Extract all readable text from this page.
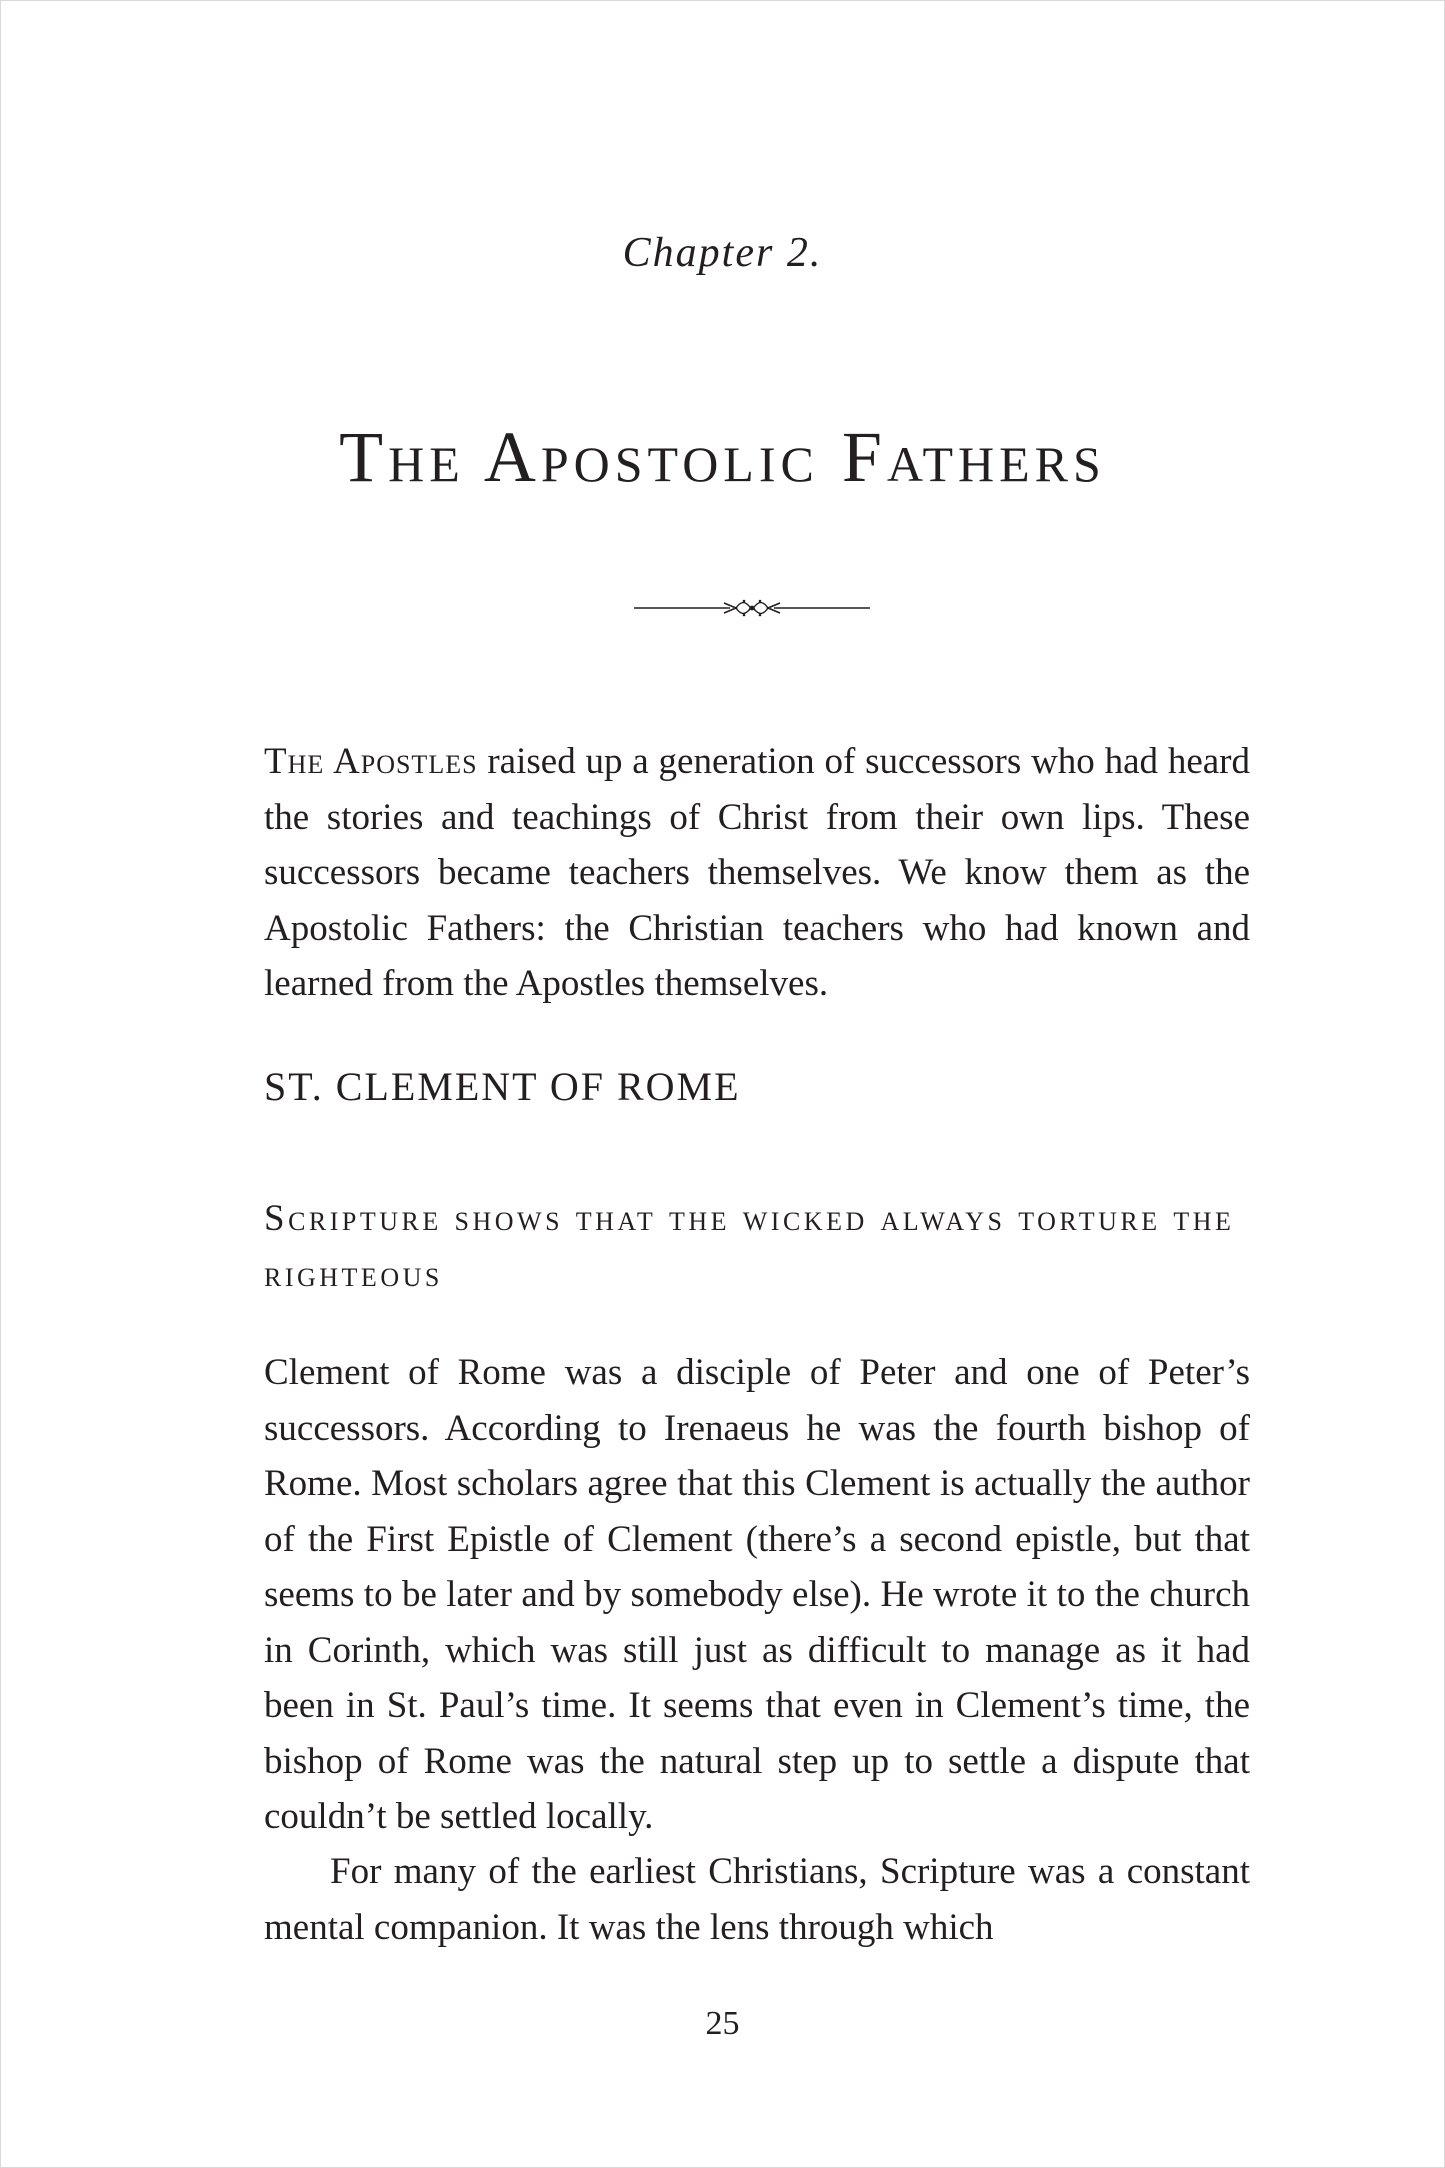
Chapter 2.
The Apostolic Fathers

The Apostles raised up a generation of successors who had heard the stories and teachings of Christ from their own lips. These successors became teachers themselves. We know them as the Apostolic Fathers: the Christian teachers who had known and learned from the Apostles themselves.

ST. CLEMENT OF ROME
Scripture shows that the wicked always torture the righteous

Clement of Rome was a disciple of Peter and one of Peter’s successors. According to Irenaeus he was the fourth bishop of Rome. Most scholars agree that this Clement is actually the author of the First Epistle of Clement (there’s a second epistle, but that seems to be later and by somebody else). He wrote it to the church in Corinth, which was still just as difficult to manage as it had been in St. Paul’s time. It seems that even in Clement’s time, the bishop of Rome was the natural step up to settle a dispute that couldn’t be settled locally.

For many of the earliest Christians, Scripture was a constant mental companion. It was the lens through which

25
